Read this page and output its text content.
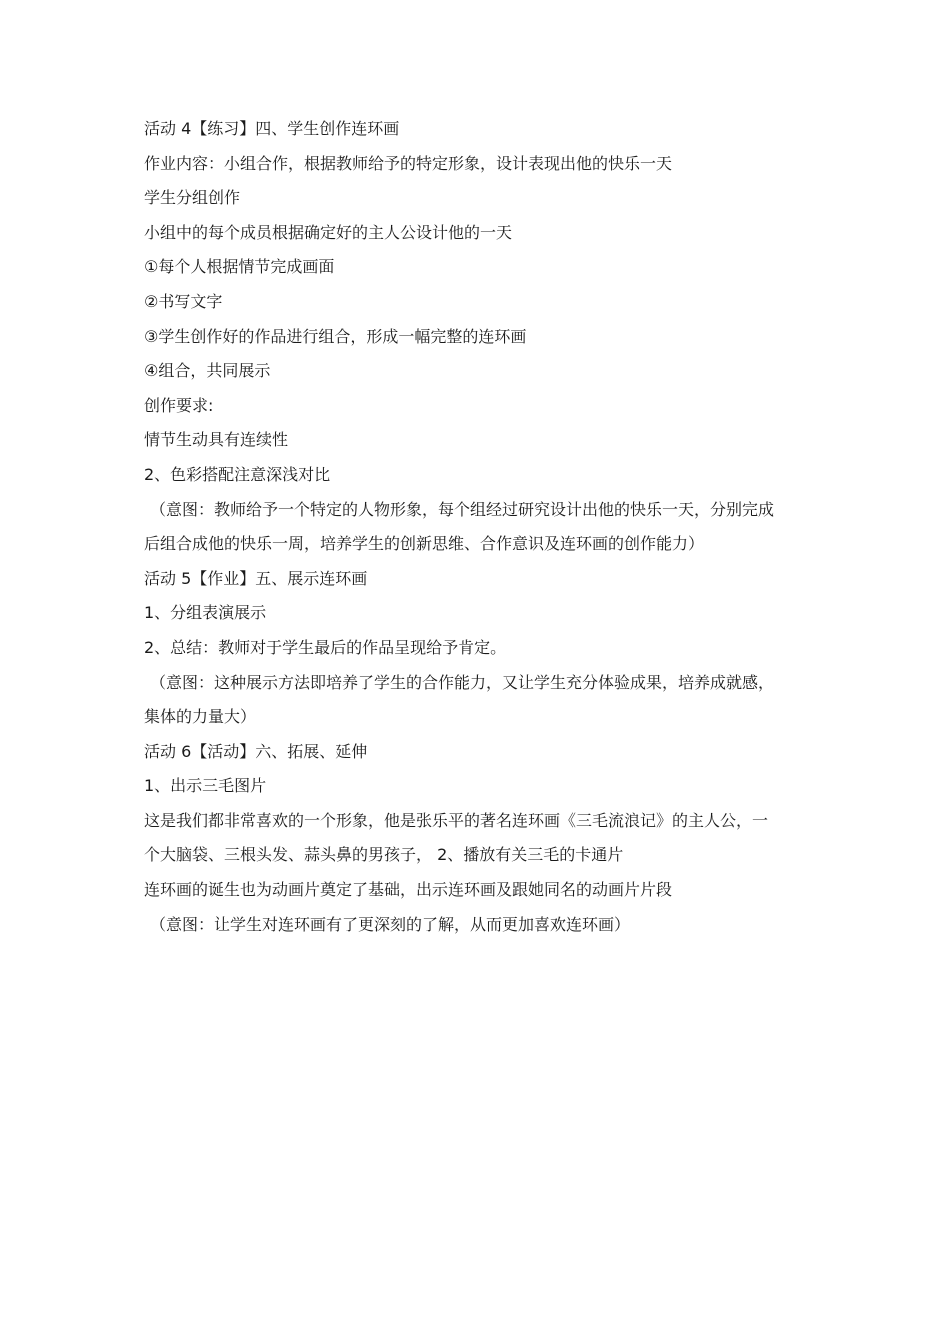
活动 4【练习】四、学生创作连环画
作业内容：小组合作，根据教师给予的特定形象，设计表现出他的快乐一天
学生分组创作
小组中的每个成员根据确定好的主人公设计他的一天
①每个人根据情节完成画面
②书写文字
③学生创作好的作品进行组合，形成一幅完整的连环画
④组合，共同展示
创作要求:
情节生动具有连续性
2、色彩搭配注意深浅对比
（意图：教师给予一个特定的人物形象，每个组经过研究设计出他的快乐一天，分别完成
后组合成他的快乐一周，培养学生的创新思维、合作意识及连环画的创作能力）
活动 5【作业】五、展示连环画
1、分组表演展示
2、总结：教师对于学生最后的作品呈现给予肯定。
（意图：这种展示方法即培养了学生的合作能力，又让学生充分体验成果，培养成就感，
集体的力量大）
活动 6【活动】六、拓展、延伸
1、出示三毛图片
这是我们都非常喜欢的一个形象，他是张乐平的著名连环画《三毛流浪记》的主人公，一
个大脑袋、三根头发、蒜头鼻的男孩子， 2、播放有关三毛的卡通片
连环画的诞生也为动画片奠定了基础，出示连环画及跟她同名的动画片片段
（意图：让学生对连环画有了更深刻的了解，从而更加喜欢连环画）
